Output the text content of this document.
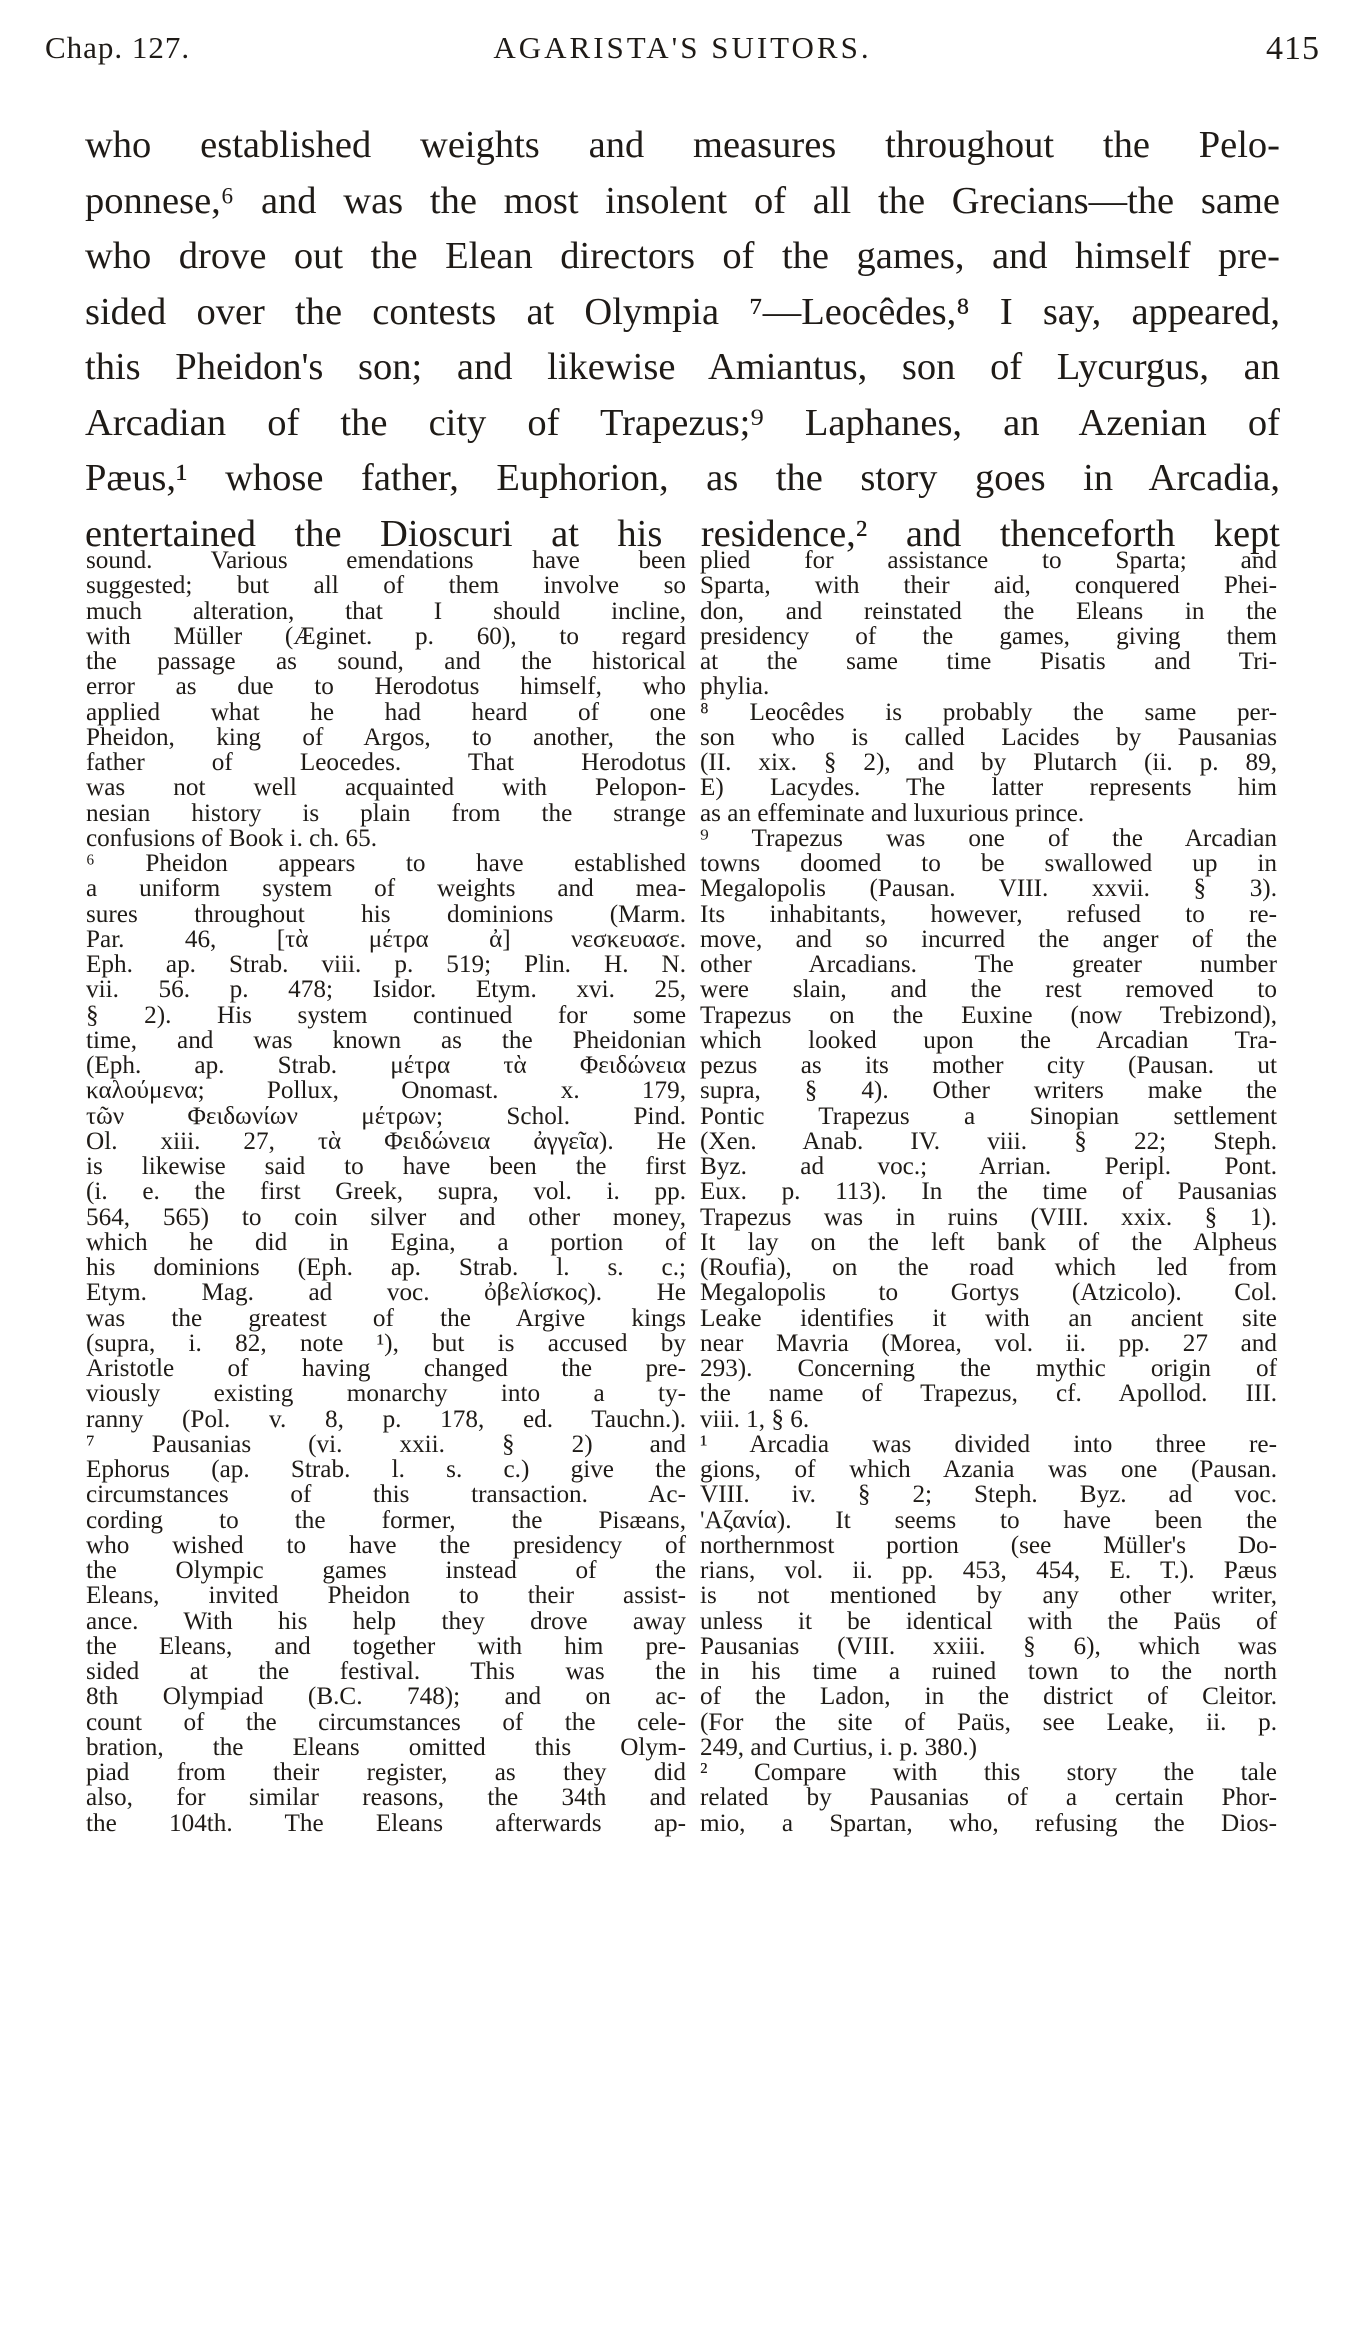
Chap. 127.	AGARISTA'S SUITORS.	415
who established weights and measures throughout the Pelo-
ponnese,⁶ and was the most insolent of all the Grecians—the same
who drove out the Elean directors of the games, and himself pre-
sided over the contests at Olympia ⁷—Leocêdes,⁸ I say, appeared,
this Pheidon's son; and likewise Amiantus, son of Lycurgus, an
Arcadian of the city of Trapezus;⁹ Laphanes, an Azenian of
Pæus,¹ whose father, Euphorion, as the story goes in Arcadia,
entertained the Dioscuri at his residence,² and thenceforth kept
sound. Various emendations have been
suggested; but all of them involve so
much alteration, that I should incline,
with Müller (Æginet. p. 60), to regard
the passage as sound, and the historical
error as due to Herodotus himself, who
applied what he had heard of one
Pheidon, king of Argos, to another, the
father of Leocedes. That Herodotus
was not well acquainted with Pelopon-
nesian history is plain from the strange
confusions of Book i. ch. 65.
⁶ Pheidon appears to have established
a uniform system of weights and mea-
sures throughout his dominions (Marm.
Par. 46, [τὰ μέτρα ἀ] νεσκευασε.
Eph. ap. Strab. viii. p. 519; Plin. H. N.
vii. 56. p. 478; Isidor. Etym. xvi. 25,
§ 2). His system continued for some
time, and was known as the Pheidonian
(Eph. ap. Strab. μέτρα τὰ Φειδώνεια
καλούμενα; Pollux, Onomast. x. 179,
τῶν Φειδωνίων μέτρων; Schol. Pind.
Ol. xiii. 27, τὰ Φειδώνεια ἀγγεῖα). He
is likewise said to have been the first
(i. e. the first Greek, supra, vol. i. pp.
564, 565) to coin silver and other money,
which he did in Egina, a portion of
his dominions (Eph. ap. Strab. l. s. c.;
Etym. Mag. ad voc. ὀβελίσκος). He
was the greatest of the Argive kings
(supra, i. 82, note ¹), but is accused by
Aristotle of having changed the pre-
viously existing monarchy into a ty-
ranny (Pol. v. 8, p. 178, ed. Tauchn.).
⁷ Pausanias (vi. xxii. § 2) and
Ephorus (ap. Strab. l. s. c.) give the
circumstances of this transaction. Ac-
cording to the former, the Pisæans,
who wished to have the presidency of
the Olympic games instead of the
Eleans, invited Pheidon to their assist-
ance. With his help they drove away
the Eleans, and together with him pre-
sided at the festival. This was the
8th Olympiad (B.C. 748); and on ac-
count of the circumstances of the cele-
bration, the Eleans omitted this Olym-
piad from their register, as they did
also, for similar reasons, the 34th and
the 104th. The Eleans afterwards ap-
plied for assistance to Sparta; and
Sparta, with their aid, conquered Phei-
don, and reinstated the Eleans in the
presidency of the games, giving them
at the same time Pisatis and Tri-
phylia.
⁸ Leocêdes is probably the same per-
son who is called Lacides by Pausanias
(II. xix. § 2), and by Plutarch (ii. p. 89,
E) Lacydes. The latter represents him
as an effeminate and luxurious prince.
⁹ Trapezus was one of the Arcadian
towns doomed to be swallowed up in
Megalopolis (Pausan. VIII. xxvii. § 3).
Its inhabitants, however, refused to re-
move, and so incurred the anger of the
other Arcadians. The greater number
were slain, and the rest removed to
Trapezus on the Euxine (now Trebizond),
which looked upon the Arcadian Tra-
pezus as its mother city (Pausan. ut
supra, § 4). Other writers make the
Pontic Trapezus a Sinopian settlement
(Xen. Anab. IV. viii. § 22; Steph.
Byz. ad voc.; Arrian. Peripl. Pont.
Eux. p. 113). In the time of Pausanias
Trapezus was in ruins (VIII. xxix. § 1).
It lay on the left bank of the Alpheus
(Roufia), on the road which led from
Megalopolis to Gortys (Atzicolo). Col.
Leake identifies it with an ancient site
near Mavria (Morea, vol. ii. pp. 27 and
293). Concerning the mythic origin of
the name of Trapezus, cf. Apollod. III.
viii. 1, § 6.
¹ Arcadia was divided into three re-
gions, of which Azania was one (Pausan.
VIII. iv. § 2; Steph. Byz. ad voc.
'Αζανία). It seems to have been the
northernmost portion (see Müller's Do-
rians, vol. ii. pp. 453, 454, E. T.). Pæus
is not mentioned by any other writer,
unless it be identical with the Paüs of
Pausanias (VIII. xxiii. § 6), which was
in his time a ruined town to the north
of the Ladon, in the district of Cleitor.
(For the site of Paüs, see Leake, ii. p.
249, and Curtius, i. p. 380.)
² Compare with this story the tale
related by Pausanias of a certain Phor-
mio, a Spartan, who, refusing the Dios-
